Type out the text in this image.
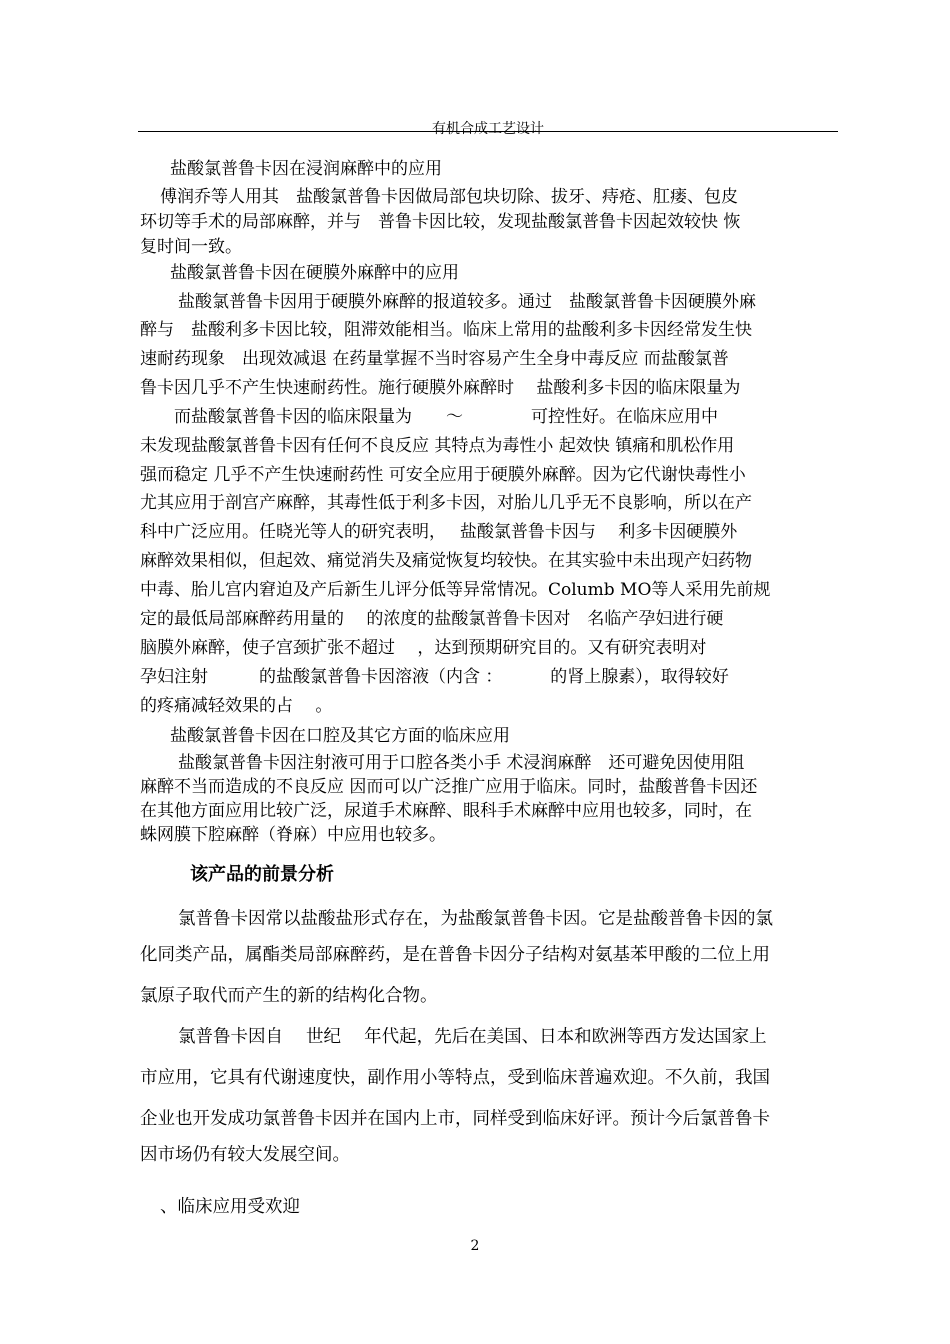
有机合成工艺设计
盐酸氯普鲁卡因在浸润麻醉中的应用
傅润乔等人用其　盐酸氯普鲁卡因做局部包块切除、拔牙、痔疮、肛瘘、包皮
环切等手术的局部麻醉，并与　普鲁卡因比较，发现盐酸氯普鲁卡因起效较快 恢
复时间一致。
盐酸氯普鲁卡因在硬膜外麻醉中的应用
盐酸氯普鲁卡因用于硬膜外麻醉的报道较多。通过　盐酸氯普鲁卡因硬膜外麻
醉与　盐酸利多卡因比较，阻滞效能相当。临床上常用的盐酸利多卡因经常发生快
速耐药现象　出现效减退 在药量掌握不当时容易产生全身中毒反应 而盐酸氯普
鲁卡因几乎不产生快速耐药性。施行硬膜外麻醉时　 盐酸利多卡因的临床限量为
　　而盐酸氯普鲁卡因的临床限量为　　～　　　　可控性好。在临床应用中
未发现盐酸氯普鲁卡因有任何不良反应 其特点为毒性小 起效快 镇痛和肌松作用
强而稳定 几乎不产生快速耐药性 可安全应用于硬膜外麻醉。因为它代谢快毒性小
尤其应用于剖宫产麻醉，其毒性低于利多卡因，对胎儿几乎无不良影响，所以在产
科中广泛应用。任晓光等人的研究表明，　 盐酸氯普鲁卡因与　 利多卡因硬膜外
麻醉效果相似，但起效、痛觉消失及痛觉恢复均较快。在其实验中未出现产妇药物
中毒、胎儿宫内窘迫及产后新生儿评分低等异常情况。Columb MO等人采用先前规
定的最低局部麻醉药用量的　 的浓度的盐酸氯普鲁卡因对　名临产孕妇进行硬
脑膜外麻醉，使子宫颈扩张不超过　 ，达到预期研究目的。又有研究表明对
孕妇注射　　　的盐酸氯普鲁卡因溶液（内含 ：　　　 的肾上腺素），取得较好
的疼痛减轻效果的占　 。
盐酸氯普鲁卡因在口腔及其它方面的临床应用
盐酸氯普鲁卡因注射液可用于口腔各类小手 术浸润麻醉　还可避免因使用阻
麻醉不当而造成的不良反应 因而可以广泛推广应用于临床。同时，盐酸普鲁卡因还
在其他方面应用比较广泛，尿道手术麻醉、眼科手术麻醉中应用也较多，同时，在
蛛网膜下腔麻醉（脊麻）中应用也较多。
该产品的前景分析
氯普鲁卡因常以盐酸盐形式存在，为盐酸氯普鲁卡因。它是盐酸普鲁卡因的氯
化同类产品，属酯类局部麻醉药，是在普鲁卡因分子结构对氨基苯甲酸的二位上用
氯原子取代而产生的新的结构化合物。
氯普鲁卡因自　 世纪　 年代起，先后在美国、日本和欧洲等西方发达国家上
市应用，它具有代谢速度快，副作用小等特点，受到临床普遍欢迎。不久前，我国
企业也开发成功氯普鲁卡因并在国内上市，同样受到临床好评。预计今后氯普鲁卡
因市场仍有较大发展空间。
、临床应用受欢迎
2
